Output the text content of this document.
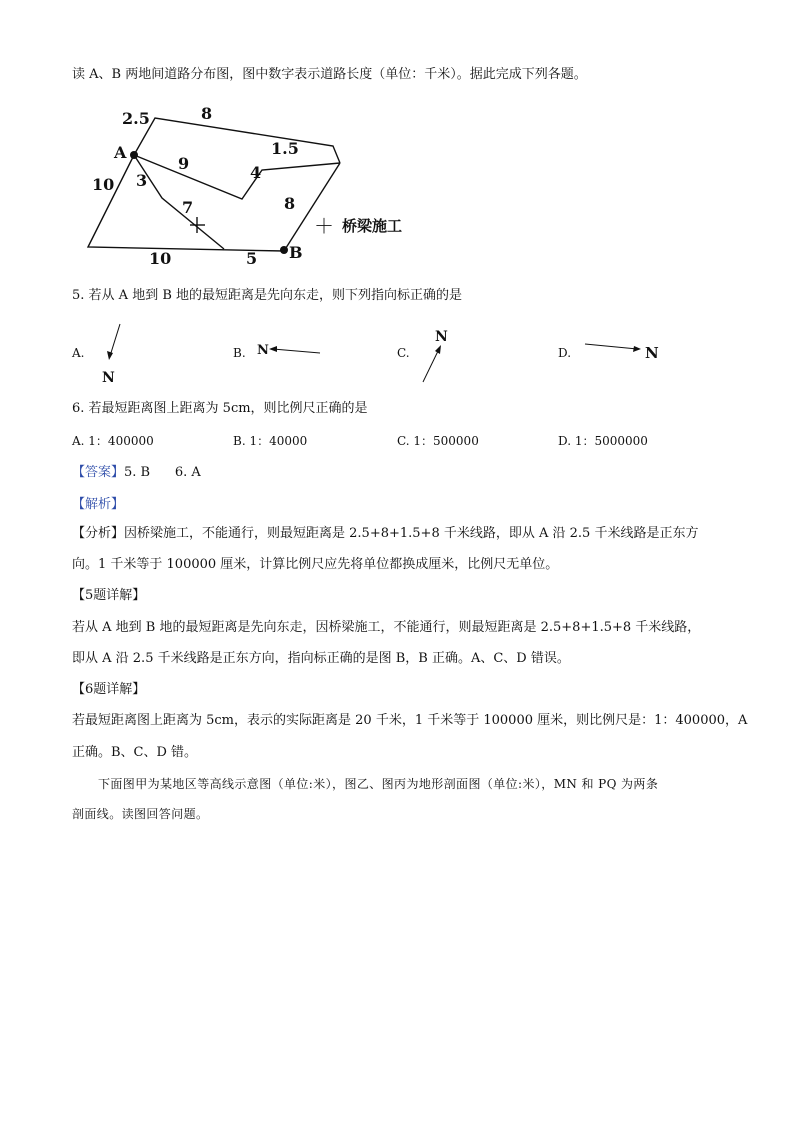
读 A、B 两地间道路分布图，图中数字表示道路长度（单位：千米）。据此完成下列各题。
A
B
2.5	8
1.5
9	4
8
10 3
7
10	5
＋ 桥梁施工
5. 若从 A 地到 B 地的最短距离是先向东走，则下列指向标正确的是
A.
N
B. N	C.
N
D.	N
6. 若最短距离图上距离为 5cm，则比例尺正确的是
A. 1：400000	B. 1：40000	C. 1：500000	D. 1：5000000
【答案】5. B      6. A
【解析】
【分析】因桥梁施工，不能通行，则最短距离是 2.5+8+1.5+8 千米线路，即从 A 沿 2.5 千米线路是正东方
向。1 千米等于 100000 厘米，计算比例尺应先将单位都换成厘米，比例尺无单位。
【5题详解】
若从 A 地到 B 地的最短距离是先向东走，因桥梁施工，不能通行，则最短距离是 2.5+8+1.5+8 千米线路，
即从 A 沿 2.5 千米线路是正东方向，指向标正确的是图 B，B 正确。A、C、D 错误。
【6题详解】
若最短距离图上距离为 5cm，表示的实际距离是 20 千米，1 千米等于 100000 厘米，则比例尺是：1：400000，A
正确。B、C、D 错。
下面图甲为某地区等高线示意图（单位:米），图乙、图丙为地形剖面图（单位:米），MN 和 PQ 为两条
剖面线。读图回答问题。
